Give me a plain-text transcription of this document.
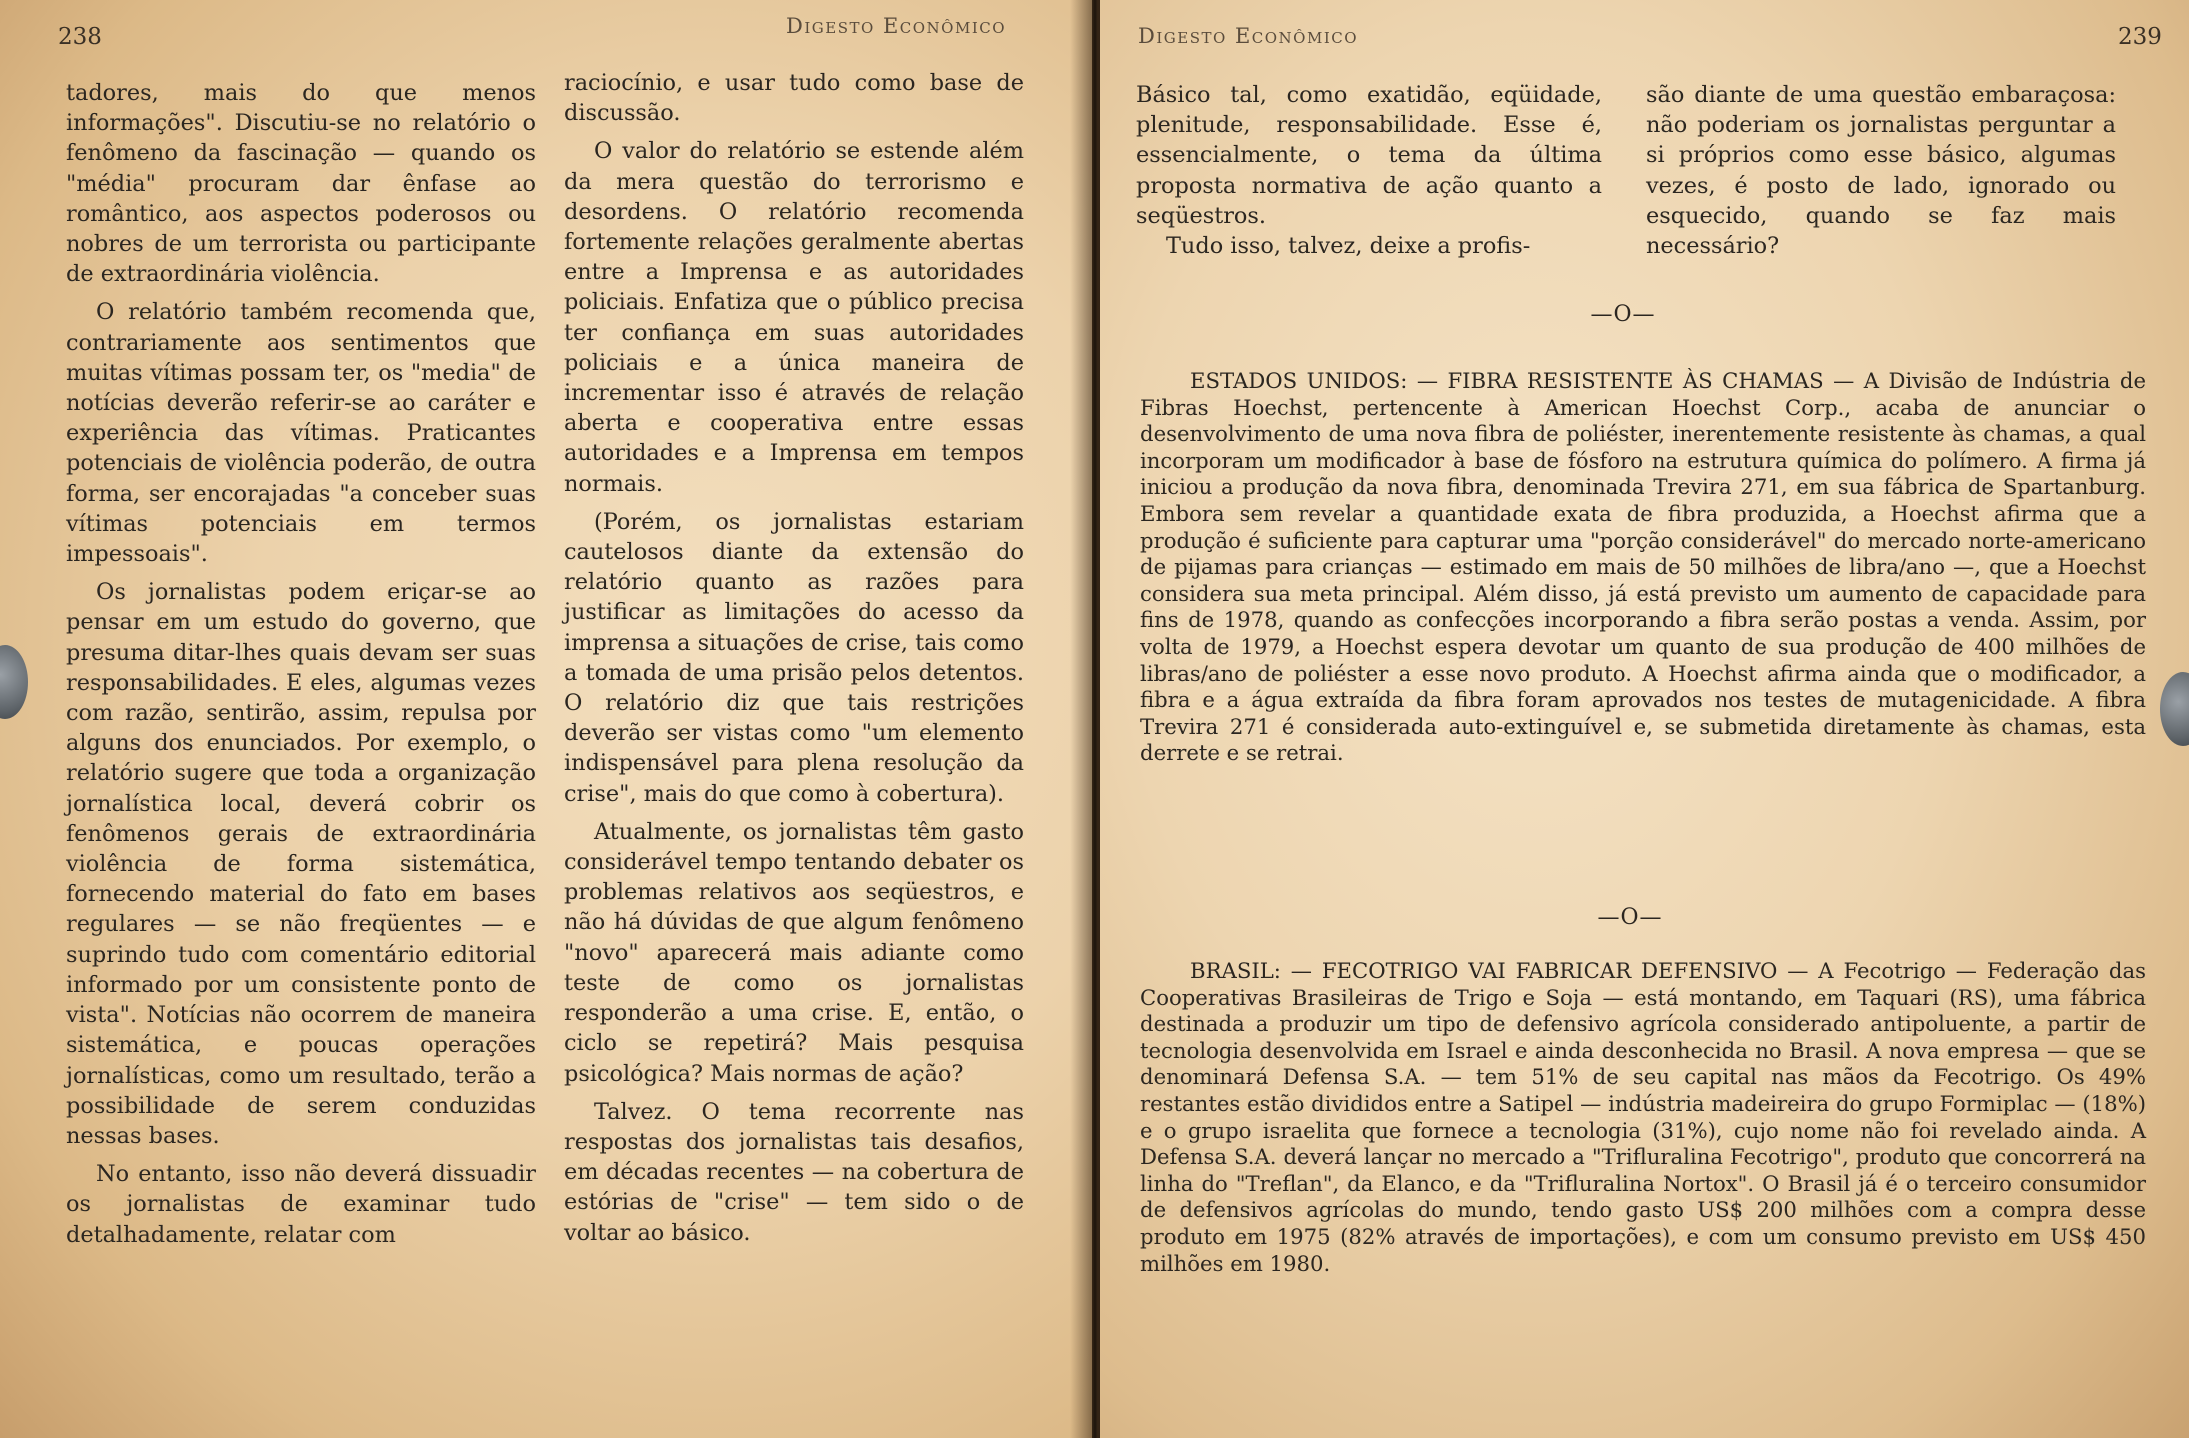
238	Digesto Econômico

tadores, mais do que menos informações". Discutiu-se no relatório o fenômeno da fascinação — quando os "média" procuram dar ênfase ao romântico, aos aspectos poderosos ou nobres de um terrorista ou participante de extraordinária violência.

O relatório também recomenda que, contrariamente aos sentimentos que muitas vítimas possam ter, os "media" de notícias deverão referir-se ao caráter e experiência das vítimas. Praticantes potenciais de violência poderão, de outra forma, ser encorajadas "a conceber suas vítimas potenciais em termos impessoais".

Os jornalistas podem eriçar-se ao pensar em um estudo do governo, que presuma ditar-lhes quais devam ser suas responsabilidades. E eles, algumas vezes com razão, sentirão, assim, repulsa por alguns dos enunciados. Por exemplo, o relatório sugere que toda a organização jornalística local, deverá cobrir os fenômenos gerais de extraordinária violência de forma sistemática, fornecendo material do fato em bases regulares — se não freqüentes — e suprindo tudo com comentário editorial informado por um consistente ponto de vista". Notícias não ocorrem de maneira sistemática, e poucas operações jornalísticas, como um resultado, terão a possibilidade de serem conduzidas nessas bases.

No entanto, isso não deverá dissuadir os jornalistas de examinar tudo detalhadamente, relatar com

raciocínio, e usar tudo como base de discussão.

O valor do relatório se estende além da mera questão do terrorismo e desordens. O relatório recomenda fortemente relações geralmente abertas entre a Imprensa e as autoridades policiais. Enfatiza que o público precisa ter confiança em suas autoridades policiais e a única maneira de incrementar isso é através de relação aberta e cooperativa entre essas autoridades e a Imprensa em tempos normais.

(Porém, os jornalistas estariam cautelosos diante da extensão do relatório quanto as razões para justificar as limitações do acesso da imprensa a situações de crise, tais como a tomada de uma prisão pelos detentos. O relatório diz que tais restrições deverão ser vistas como "um elemento indispensável para plena resolução da crise", mais do que como à cobertura).

Atualmente, os jornalistas têm gasto considerável tempo tentando debater os problemas relativos aos seqüestros, e não há dúvidas de que algum fenômeno "novo" aparecerá mais adiante como teste de como os jornalistas responderão a uma crise. E, então, o ciclo se repetirá? Mais pesquisa psicológica? Mais normas de ação?

Talvez. O tema recorrente nas respostas dos jornalistas tais desafios, em décadas recentes — na cobertura de estórias de "crise" — tem sido o de voltar ao básico.

Digesto Econômico	239

Básico tal, como exatidão, eqüidade, plenitude, responsabilidade. Esse é, essencialmente, o tema da última proposta normativa de ação quanto a seqüestros.

Tudo isso, talvez, deixe a profis-

são diante de uma questão embaraçosa: não poderiam os jornalistas perguntar a si próprios como esse básico, algumas vezes, é posto de lado, ignorado ou esquecido, quando se faz mais necessário?

—O—

ESTADOS UNIDOS: — FIBRA RESISTENTE ÀS CHAMAS — A Divisão de Indústria de Fibras Hoechst, pertencente à American Hoechst Corp., acaba de anunciar o desenvolvimento de uma nova fibra de poliéster, inerentemente resistente às chamas, a qual incorporam um modificador à base de fósforo na estrutura química do polímero. A firma já iniciou a produção da nova fibra, denominada Trevira 271, em sua fábrica de Spartanburg. Embora sem revelar a quantidade exata de fibra produzida, a Hoechst afirma que a produção é suficiente para capturar uma "porção considerável" do mercado norte-americano de pijamas para crianças — estimado em mais de 50 milhões de libra/ano —, que a Hoechst considera sua meta principal. Além disso, já está previsto um aumento de capacidade para fins de 1978, quando as confecções incorporando a fibra serão postas a venda. Assim, por volta de 1979, a Hoechst espera devotar um quanto de sua produção de 400 milhões de libras/ano de poliéster a esse novo produto. A Hoechst afirma ainda que o modificador, a fibra e a água extraída da fibra foram aprovados nos testes de mutagenicidade. A fibra Trevira 271 é considerada auto-extinguível e, se submetida diretamente às chamas, esta derrete e se retrai.

—O—

BRASIL: — FECOTRIGO VAI FABRICAR DEFENSIVO — A Fecotrigo — Federação das Cooperativas Brasileiras de Trigo e Soja — está montando, em Taquari (RS), uma fábrica destinada a produzir um tipo de defensivo agrícola considerado antipoluente, a partir de tecnologia desenvolvida em Israel e ainda desconhecida no Brasil. A nova empresa — que se denominará Defensa S.A. — tem 51% de seu capital nas mãos da Fecotrigo. Os 49% restantes estão divididos entre a Satipel — indústria madeireira do grupo Formiplac — (18%) e o grupo israelita que fornece a tecnologia (31%), cujo nome não foi revelado ainda. A Defensa S.A. deverá lançar no mercado a "Trifluralina Fecotrigo", produto que concorrerá na linha do "Treflan", da Elanco, e da "Trifluralina Nortox". O Brasil já é o terceiro consumidor de defensivos agrícolas do mundo, tendo gasto US$ 200 milhões com a compra desse produto em 1975 (82% através de importações), e com um consumo previsto em US$ 450 milhões em 1980.
